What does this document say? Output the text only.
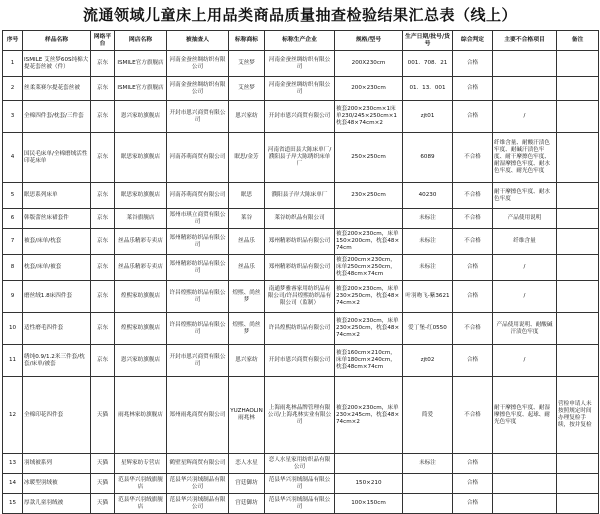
流通领域儿童床上用品类商品质量抽查检验结果汇总表（线上）
序号	样品名称	网络平台	网店名称	被抽查人	标称商标	标称生产企业	规格/型号	生产日期/批号/货号	综合判定	主要不合格项目	备注
1	ISMILE 艾丝梦60S纯棉大提花套丝被（件）	京东	ISMILE官方旗舰店	河南金蚕丝绸纺织有限公司	艾丝梦	河南金蚕丝绸纺织有限公司	200X230cm	001．708．21	合格		
2	丝柔莱赛尔提花套丝被	京东	ISMILE官方旗舰店	河南金蚕丝绸纺织有限公司	艾丝梦	河南金蚕丝绸纺织有限公司	200×230cm	01．13．001	合格		
3	全棉四件套/枕套/三件套	京东	恩兴家纺旗舰店	开封市恩兴商贸有限公司	恩兴家纺	开封市恩兴商贸有限公司	被套200×230cm×1床单230/245×250cm×1 枕套48×74cm×2	zjt01	合格	/	
4	国民毛床单/全棉磨绒活性印花床单	京东	眠思家纺旗舰店	河南苏萌商贸有限公司	眠思/金芳	河南省道田县大陈床单厂/濮阳县子岸大陈绣织床单厂	250×250cm	6089	不合格	纤维含量、耐酸汗渍色牢度、耐碱汗渍色牢度、耐干摩擦色牢度、耐湿摩擦色牢度、耐水色牢度、耐光色牢度	
5	眠思系列床单	京东	眠思家纺旗舰店	河南苏萌商贸有限公司	眠思	濮阳县子岸大陈床单厂	230×250cm	40230	不合格	耐干摩擦色牢度、耐水色牢度	
6	韩版蕾丝床裙套件	京东	莱谷旗舰店	郑州市琪立商贸有限公司	莱谷	莱谷纺织品有限公司		未标注	不合格	产品使用说明	
7	被套/床单/枕套	京东	丝品乐精彩专卖店	郑州精彩纺织品有限公司	丝品乐	郑州精彩纺织品有限公司	被套200×230cm，床单150×200cm，枕套48×74cm	未标注	不合格	纤维含量	
8	枕套/床单/被套	京东	丝品乐精彩专卖店	郑州精彩纺织品有限公司	丝品乐	郑州精彩纺织品有限公司	被套200cm×230cm，床单250cm×250cm，枕套48cm×74cm	未标注	合格	/	
9	磨丝绒1.8床四件套	京东	煌熙家纺旗舰店	许昌煌熙纺织品有限公司	煌熙、尚丝梦	南通梦雅睿家用纺织品有限公司/许昌煌熙纺织品有限公司（监制）	被套200×230cm，床单230×250cm，枕套48×74cm×2	叶羽吻飞-紫3621	合格	/	
10	适性磨毛四件套	京东	煌熙家纺旗舰店	许昌煌熙纺织品有限公司	煌熙、尚丝梦	许昌煌熙纺织品有限公司	被套200×230cm，床单230×250cm，枕套48×74cm×2	爱丁堡-红0550	不合格	产品使用说明、耐酸碱汗渍色牢度	
11	绣纯0.9/1.2米三件套/枕套/床单/被套	京东	恩兴家纺旗舰店	开封市恩兴商贸有限公司	恩兴家纺	开封市恩兴商贸有限公司	被套160cm×210cm，床单180cm×240cm，枕套48cm×74cm	zjt02	合格	/	
12	全棉印花四件套	天猫	雨兆林家纺旗舰店	郑州雨兆商贸有限公司	YUZHAOLIN 雨兆林	上海雨兆林品牌管理有限公司/上海兆林实业有限公司	被套200×230cm，床单230×245cm，枕套48×74cm×2	简爱	不合格	耐干摩擦色牢度、耐湿摩擦色牢度、起球、耐光色牢度	营检申请人未按照规定时间办理复检手续，按并复检
13	羽绒被系列	天猫	星辉家纺专营店	鹤壁星辉商贸有限公司	恋人水星	恋人水星家用纺织品有限公司		未标注	合格		
14	冰暖型羽绒被	天猫	范县华兴羽绒旗舰店	范县华兴羽绒制品有限公司	宫廷御坊	范县华兴羽绒制品有限公司	150×210		合格		
15	厚款儿童羽绒被	天猫	范县华兴羽绒旗舰店	范县华兴羽绒制品有限公司	宫廷御坊	范县华兴羽绒制品有限公司	100×150cm		合格		
